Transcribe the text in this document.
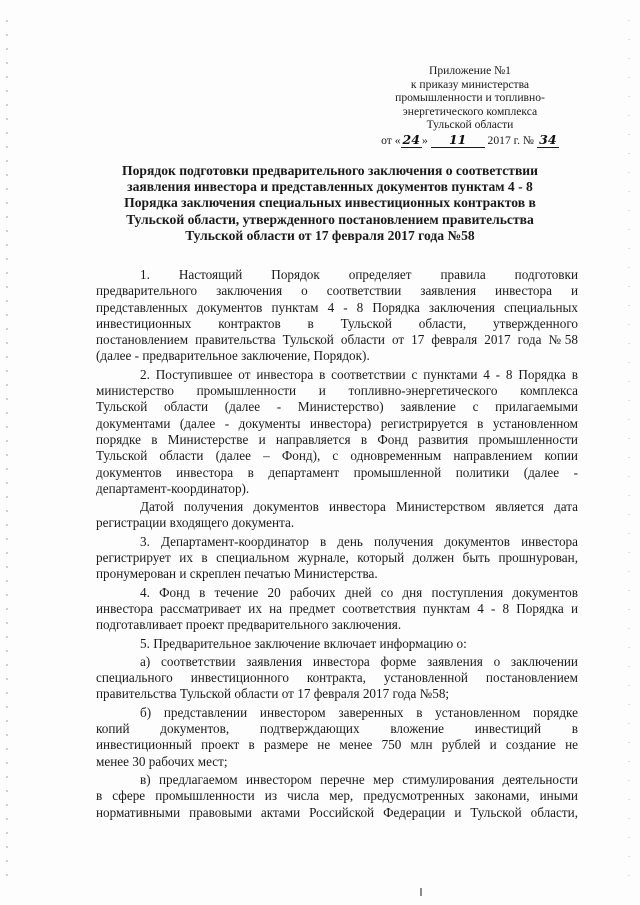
Приложение №1
к приказу министерства
промышленности и топливно-
энергетического комплекса
Тульской области
от « 24 » 11 2017 г. № 34
Порядок подготовки предварительного заключения о соответствии
заявления инвестора и представленных документов пунктам 4 - 8
Порядка заключения специальных инвестиционных контрактов в
Тульской области, утвержденного постановлением правительства
Тульской области от 17 февраля 2017 года №58
1. Настоящий Порядок определяет правила подготовки
предварительного заключения о соответствии заявления инвестора и
представленных документов пунктам 4 - 8 Порядка заключения специальных
инвестиционных контрактов в Тульской области, утвержденного
постановлением правительства Тульской области от 17 февраля 2017 года №58
(далее - предварительное заключение, Порядок).
2. Поступившее от инвестора в соответствии с пунктами 4 - 8 Порядка в
министерство промышленности и топливно-энергетического комплекса
Тульской области (далее - Министерство) заявление с прилагаемыми
документами (далее - документы инвестора) регистрируется в установленном
порядке в Министерстве и направляется в Фонд развития промышленности
Тульской области (далее – Фонд), с одновременным направлением копии
документов инвестора в департамент промышленной политики (далее -
департамент-координатор).
Датой получения документов инвестора Министерством является дата
регистрации входящего документа.
3. Департамент-координатор в день получения документов инвестора
регистрирует их в специальном журнале, который должен быть прошнурован,
пронумерован и скреплен печатью Министерства.
4. Фонд в течение 20 рабочих дней со дня поступления документов
инвестора рассматривает их на предмет соответствия пунктам 4 - 8 Порядка и
подготавливает проект предварительного заключения.
5. Предварительное заключение включает информацию о:
а) соответствии заявления инвестора форме заявления о заключении
специального инвестиционного контракта, установленной постановлением
правительства Тульской области от 17 февраля 2017 года №58;
б) представлении инвестором заверенных в установленном порядке
копий документов, подтверждающих вложение инвестиций в
инвестиционный проект в размере не менее 750 млн рублей и создание не
менее 30 рабочих мест;
в) предлагаемом инвестором перечне мер стимулирования деятельности
в сфере промышленности из числа мер, предусмотренных законами, иными
нормативными правовыми актами Российской Федерации и Тульской области,
